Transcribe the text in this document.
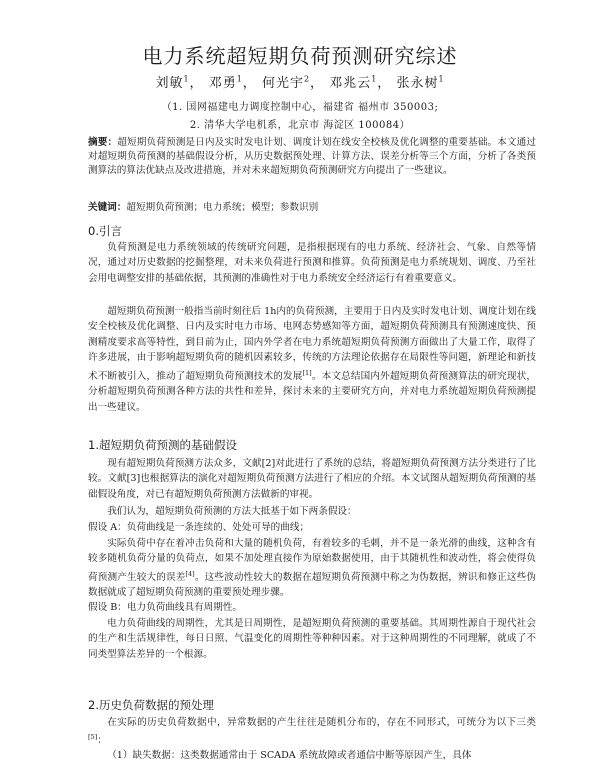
电力系统超短期负荷预测研究综述
刘敏$^1$， 邓勇$^1$， 何光宇$^2$， 邓兆云$^1$， 张永树$^1$
（1. 国网福建电力调度控制中心，福建省 福州市 350003;
2. 清华大学电机系，北京市 海淀区 100084）
摘要：超短期负荷预测是日内及实时发电计划、调度计划在线安全校核及优化调整的重要基础。本文通过对超短期负荷预测的基础假设分析，从历史数据预处理、计算方法、误差分析等三个方面，分析了各类预测算法的算法优缺点及改进措施，并对未来超短期负荷预测研究方向提出了一些建议。
关键词：超短期负荷预测；电力系统；模型；参数识别
0.引言
负荷预测是电力系统领域的传统研究问题，是指根据现有的电力系统、经济社会、气象、自然等情况，通过对历史数据的挖掘整理，对未来负荷进行预测和推算。负荷预测是电力系统规划、调度、乃至社会用电调整安排的基础依据，其预测的准确性对于电力系统安全经济运行有着重要意义。
超短期负荷预测一般指当前时刻往后 1h内的负荷预测，主要用于日内及实时发电计划、调度计划在线安全校核及优化调整、日内及实时电力市场、电网态势感知等方面，超短期负荷预测具有预测速度快、预测精度要求高等特性，到目前为止，国内外学者在电力系统超短期负荷预测方面做出了大量工作，取得了许多进展，由于影响超短期负荷的随机因素较多，传统的方法理论依据存在局限性等问题，新理论和新技术不断被引入，推动了超短期负荷预测技术的发展[1]。本文总结国内外超短期负荷预测算法的研究现状，分析超短期负荷预测各种方法的共性和差异，探讨未来的主要研究方向，并对电力系统超短期负荷预测提出一些建议。
1.超短期负荷预测的基础假设
现有超短期负荷预测方法众多，文献[2]对此进行了系统的总结，将超短期负荷预测方法分类进行了比较。文献[3]也根据算法的演化对超短期负荷预测方法进行了相应的介绍。本文试图从超短期负荷预测的基础假设角度，对已有超短期负荷预测方法做新的审视。
我们认为，超短期负荷预测的方法大抵基于如下两条假设：
假设 A：负荷曲线是一条连续的、处处可导的曲线；
实际负荷中存在着冲击负荷和大量的随机负荷，有着较多的毛刺，并不是一条光滑的曲线，这种含有较多随机负荷分量的负荷点，如果不加处理直接作为原始数据使用，由于其随机性和波动性，将会使得负荷预测产生较大的误差[4]。这些波动性较大的数据在超短期负荷预测中称之为伪数据，辨识和修正这些伪数据就成了超短期负荷预测的重要预处理步骤。
假设 B：电力负荷曲线具有周期性。
电力负荷曲线的周期性，尤其是日周期性，是超短期负荷预测的重要基础。其周期性源自于现代社会的生产和生活规律性，每日日照、气温变化的周期性等种种因素。对于这种周期性的不同理解，就成了不同类型算法差异的一个根源。
2.历史负荷数据的预处理
在实际的历史负荷数据中，异常数据的产生往往是随机分布的，存在不同形式，可统分为以下三类[5]：
（1）缺失数据：这类数据通常由于 SCADA 系统故障或者通信中断等原因产生，具体
